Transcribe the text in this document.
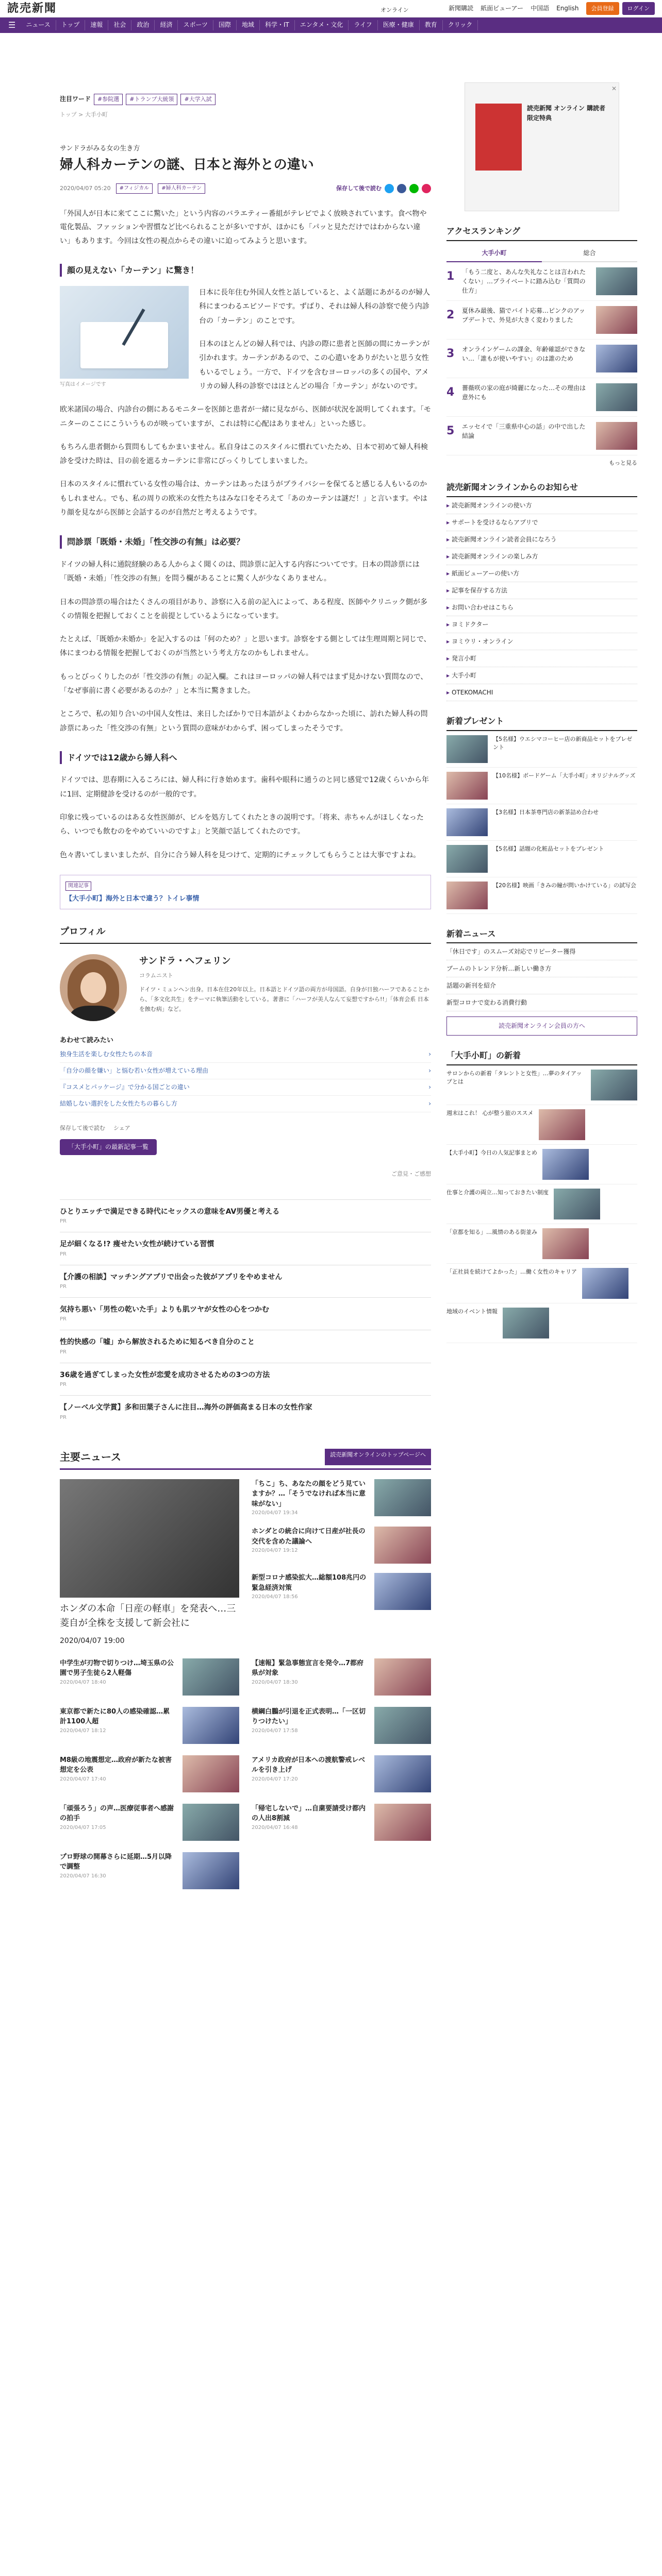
読売新聞	オンライン	新聞購読 紙面ビューアー 中国語 English	会員登録	ログイン
☰	ニュース	トップ	速報	社会	政治	経済	スポーツ	国際	地域	科学・IT	エンタメ・文化	ライフ	医療・健康	教育	クリック
注目ワード	#参院選	#トランプ大統領	#大学入試
トップ > 大手小町
サンドラがみる女の生き方
婦人科カーテンの謎、日本と海外との違い
2020/04/07 05:20	#フィジカル	#婦人科カーテン	保存して後で読む

「外国人が日本に来てここに驚いた」という内容のバラエティー番組がテレビでよく放映されています。食べ物や電化製品、ファッションや習慣など比べられることが多いですが、ほかにも「パッと見ただけではわからない違い」もあります。今回は女性の視点からその違いに迫ってみようと思います。

顔の見えない「カーテン」に驚き！
写真はイメージです

日本に長年住む外国人女性と話していると、よく話題にあがるのが婦人科にまつわるエピソードです。ずばり、それは婦人科の診察で使う内診台の「カーテン」のことです。

日本のほとんどの婦人科では、内診の際に患者と医師の間にカーテンが引かれます。カーテンがあるので、この心遣いをありがたいと思う女性もいるでしょう。一方で、ドイツを含むヨーロッパの多くの国や、アメリカの婦人科の診察ではほとんどの場合「カーテン」がないのです。

欧米諸国の場合、内診台の側にあるモニターを医師と患者が一緒に見ながら、医師が状況を説明してくれます。「モニターのここにこういうものが映っていますが、これは特に心配はありません」といった感じ。

もちろん患者側から質問もしてもかまいません。私自身はこのスタイルに慣れていたため、日本で初めて婦人科検診を受けた時は、目の前を遮るカーテンに非常にびっくりしてしまいました。

日本のスタイルに慣れている女性の場合は、カーテンはあったほうがプライバシーを保てると感じる人もいるのかもしれません。でも、私の周りの欧米の女性たちはみな口をそろえて「あのカーテンは謎だ！」と言います。やはり顔を見ながら医師と会話するのが自然だと考えるようです。

問診票「既婚・未婚」「性交渉の有無」は必要？

ドイツの婦人科に通院経験のある人からよく聞くのは、問診票に記入する内容についてです。日本の問診票には「既婚・未婚」「性交渉の有無」を問う欄があることに驚く人が少なくありません。

日本の問診票の場合はたくさんの項目があり、診察に入る前の記入によって、ある程度、医師やクリニック側が多くの情報を把握しておくことを前提としているようになっています。

たとえば、「既婚か未婚か」を記入するのは「何のため？」と思います。診察をする側としては生理周期と同じで、体にまつわる情報を把握しておくのが当然という考え方なのかもしれません。

もっとびっくりしたのが「性交渉の有無」の記入欄。これはヨーロッパの婦人科ではまず見かけない質問なので、「なぜ事前に書く必要があるのか？」と本当に驚きました。

ところで、私の知り合いの中国人女性は、来日したばかりで日本語がよくわからなかった頃に、訪れた婦人科の問診票にあった「性交渉の有無」という質問の意味がわからず、困ってしまったそうです。

ドイツでは12歳から婦人科へ

ドイツでは、思春期に入るころには、婦人科に行き始めます。歯科や眼科に通うのと同じ感覚で12歳くらいから年に1回、定期健診を受けるのが一般的です。

印象に残っているのはある女性医師が、ピルを処方してくれたときの説明です。「将来、赤ちゃんがほしくなったら、いつでも飲むのをやめていいのですよ」と笑顔で話してくれたのです。

色々書いてしまいましたが、自分に合う婦人科を見つけて、定期的にチェックしてもらうことは大事ですよね。

関連記事
【大手小町】海外と日本で違う？トイレ事情
プロフィル
サンドラ・ヘフェリン
コラムニスト
ドイツ・ミュンヘン出身。日本在住20年以上。日本語とドイツ語の両方が母国語。自身が日独ハーフであることから、「多文化共生」をテーマに執筆活動をしている。著書に「ハーフが美人なんて妄想ですから!!」「体育会系 日本を蝕む病」など。
あわせて読みたい
独身生活を楽しむ女性たちの本音	›
「自分の顔を嫌い」と悩む若い女性が増えている理由	›
『コスメとパッケージ』で分かる国ごとの違い	›
結婚しない選択をした女性たちの暮らし方	›
保存して後で読む シェア
「大手小町」の最新記事一覧
ご意見・ご感想
ひとりエッチで満足できる時代にセックスの意味をAV男優と考える
PR
足が細くなる!? 痩せたい女性が続けている習慣
PR
【介護の相談】マッチングアプリで出会った彼がアプリをやめません
PR
気持ち悪い「男性の乾いた手」よりも肌ツヤが女性の心をつかむ
PR
性的快感の「嘘」から解放されるために知るべき自分のこと
PR
36歳を過ぎてしまった女性が恋愛を成功させるための3つの方法
PR
【ノーベル文学賞】多和田葉子さんに注目…海外の評価高まる日本の女性作家
PR
主要ニュース	読売新聞オンラインのトップページへ
ホンダの本命「日産の軽車」を発表へ…三菱自が全株を支援して新会社に
2020/04/07 19:00
「ちこ」ち、あなたの顔をどう見ていますか？…「そうでなければ本当に意味がない」
2020/04/07 19:34
ホンダとの統合に向けて日産が社長の交代を含めた議論へ
2020/04/07 19:12
新型コロナ感染拡大…総額108兆円の緊急経済対策
2020/04/07 18:56
中学生が刃物で切りつけ…埼玉県の公園で男子生徒ら2人軽傷
2020/04/07 18:40
【速報】緊急事態宣言を発令…7都府県が対象
2020/04/07 18:30
東京都で新たに80人の感染確認…累計1100人超
2020/04/07 18:12
横綱白鵬が引退を正式表明…「一区切りつけたい」
2020/04/07 17:58
M8級の地震想定…政府が新たな被害想定を公表
2020/04/07 17:40
アメリカ政府が日本への渡航警戒レベルを引き上げ
2020/04/07 17:20
「頑張ろう」の声…医療従事者へ感謝の拍手
2020/04/07 17:05
「帰宅しないで」…自粛要請受け都内の人出8割減
2020/04/07 16:48
プロ野球の開幕さらに延期…5月以降で調整
2020/04/07 16:30
✕
読売新聞 オンライン 購読者限定特典
アクセスランキング
大手小町	総合
1	「もう二度と、あんな失礼なことは言われたくない」…プライベートに踏み込む「質問の仕方」
2	夏休み最後、猫でバイト応募…ピンクのアップデートで、外見が大きく変わりました
3	オンラインゲームの課金、年齢確認ができない…「誰もが使いやすい」のは誰のため
4	薔薇咲の家の庭が綺麗になった…その理由は意外にも
5	エッセイで「三重県中心の話」の中で出した結論
もっと見る
読売新聞オンラインからのお知らせ
▸ 読売新聞オンラインの使い方
▸ サポートを受けるならアプリで
▸ 読売新聞オンライン読者会員になろう
▸ 読売新聞オンラインの楽しみ方
▸ 紙面ビューアーの使い方
▸ 記事を保存する方法
▸ お問い合わせはこちら
▸ ヨミドクター
▸ ヨミウリ・オンライン
▸ 発言小町
▸ 大手小町
▸ OTEKOMACHI
新着プレゼント
【5名様】ウエシマコーヒー店の新商品セットをプレゼント
【10名様】ボードゲーム「大手小町」オリジナルグッズ
【3名様】日本茶専門店の新茶詰め合わせ
【5名様】話題の化粧品セットをプレゼント
【20名様】映画「きみの瞳が問いかけている」の試写会
新着ニュース
「休日です」のスムーズ対応でリピーター獲得
ブームのトレンド分析…新しい働き方
話題の新刊を紹介
新型コロナで変わる消費行動
読売新聞オンライン会員の方へ
「大手小町」の新着
サロンからの新着「タレントと女性」…夢のタイアップとは
週末はこれ！ 心が整う旅のススメ
【大手小町】今日の人気記事まとめ
仕事と介護の両立…知っておきたい制度
「京都を知る」…風情のある街並み
「正社員を続けてよかった」…働く女性のキャリア
地域のイベント情報
